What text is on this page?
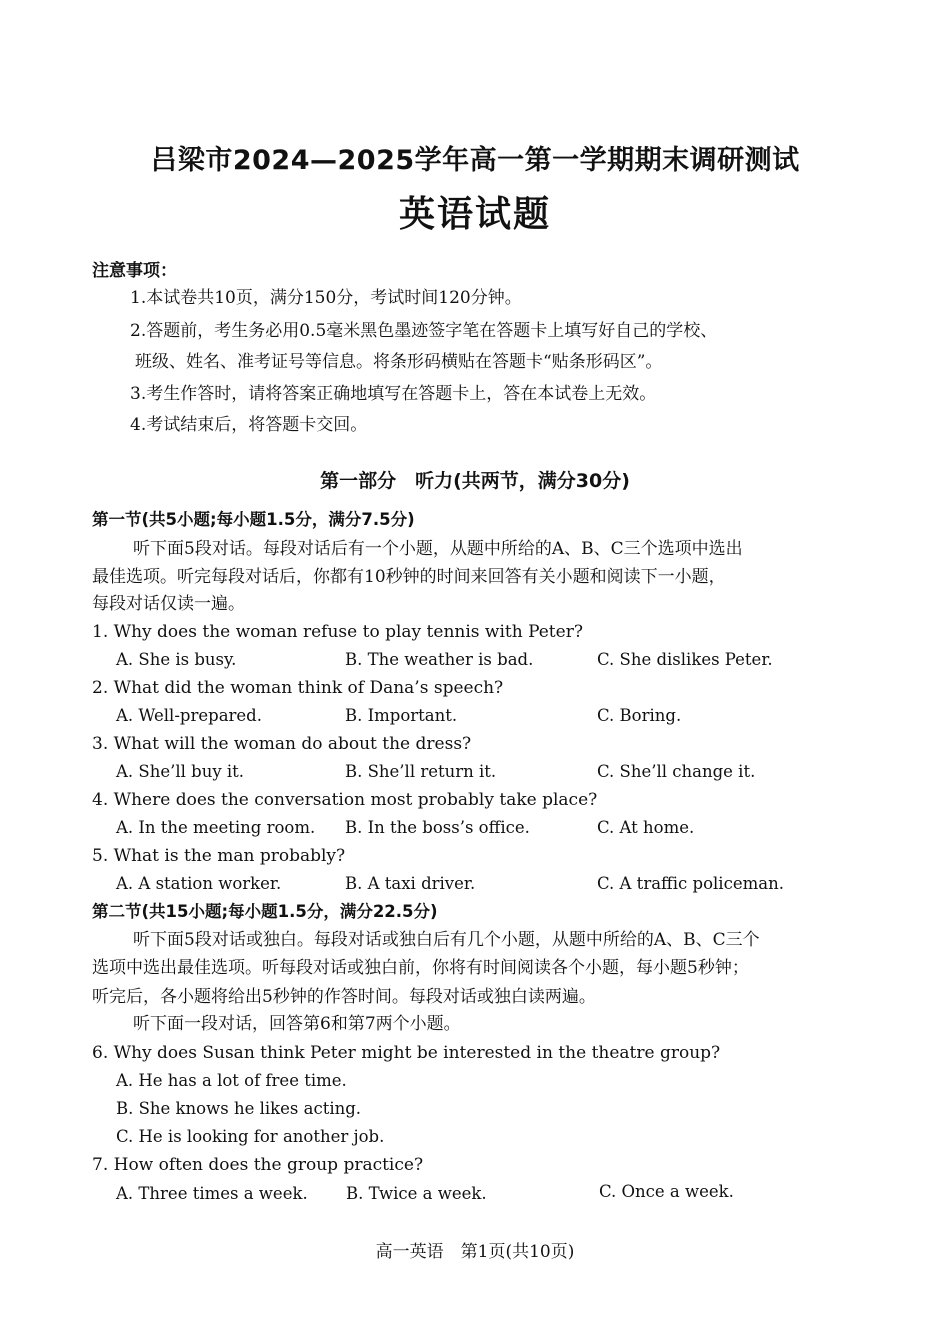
吕梁市2024—2025学年高一第一学期期末调研测试
英语试题
注意事项：
1.本试卷共10页，满分150分，考试时间120分钟。
2.答题前，考生务必用0.5毫米黑色墨迹签字笔在答题卡上填写好自己的学校、
班级、姓名、准考证号等信息。将条形码横贴在答题卡“贴条形码区”。
3.考生作答时，请将答案正确地填写在答题卡上，答在本试卷上无效。
4.考试结束后，将答题卡交回。
第一部分　听力(共两节，满分30分)
第一节(共5小题;每小题1.5分，满分7.5分)
听下面5段对话。每段对话后有一个小题，从题中所给的A、B、C三个选项中选出
最佳选项。听完每段对话后，你都有10秒钟的时间来回答有关小题和阅读下一小题，
每段对话仅读一遍。
1. Why does the woman refuse to play tennis with Peter?
A. She is busy.	B. The weather is bad.	C. She dislikes Peter.
2. What did the woman think of Dana’s speech?
A. Well-prepared.	B. Important.	C. Boring.
3. What will the woman do about the dress?
A. She’ll buy it.	B. She’ll return it.	C. She’ll change it.
4. Where does the conversation most probably take place?
A. In the meeting room. B. In the boss’s office.	C. At home.
5. What is the man probably?
A. A station worker.	B. A taxi driver.	C. A traffic policeman.
第二节(共15小题;每小题1.5分，满分22.5分)
听下面5段对话或独白。每段对话或独白后有几个小题，从题中所给的A、B、C三个
选项中选出最佳选项。听每段对话或独白前，你将有时间阅读各个小题，每小题5秒钟；
听完后，各小题将给出5秒钟的作答时间。每段对话或独白读两遍。
听下面一段对话，回答第6和第7两个小题。
6. Why does Susan think Peter might be interested in the theatre group?
A. He has a lot of free time.
B. She knows he likes acting.
C. He is looking for another job.
7. How often does the group practice?
A. Three times a week. B. Twice a week.	C. Once a week.
高一英语　第1页(共10页)
